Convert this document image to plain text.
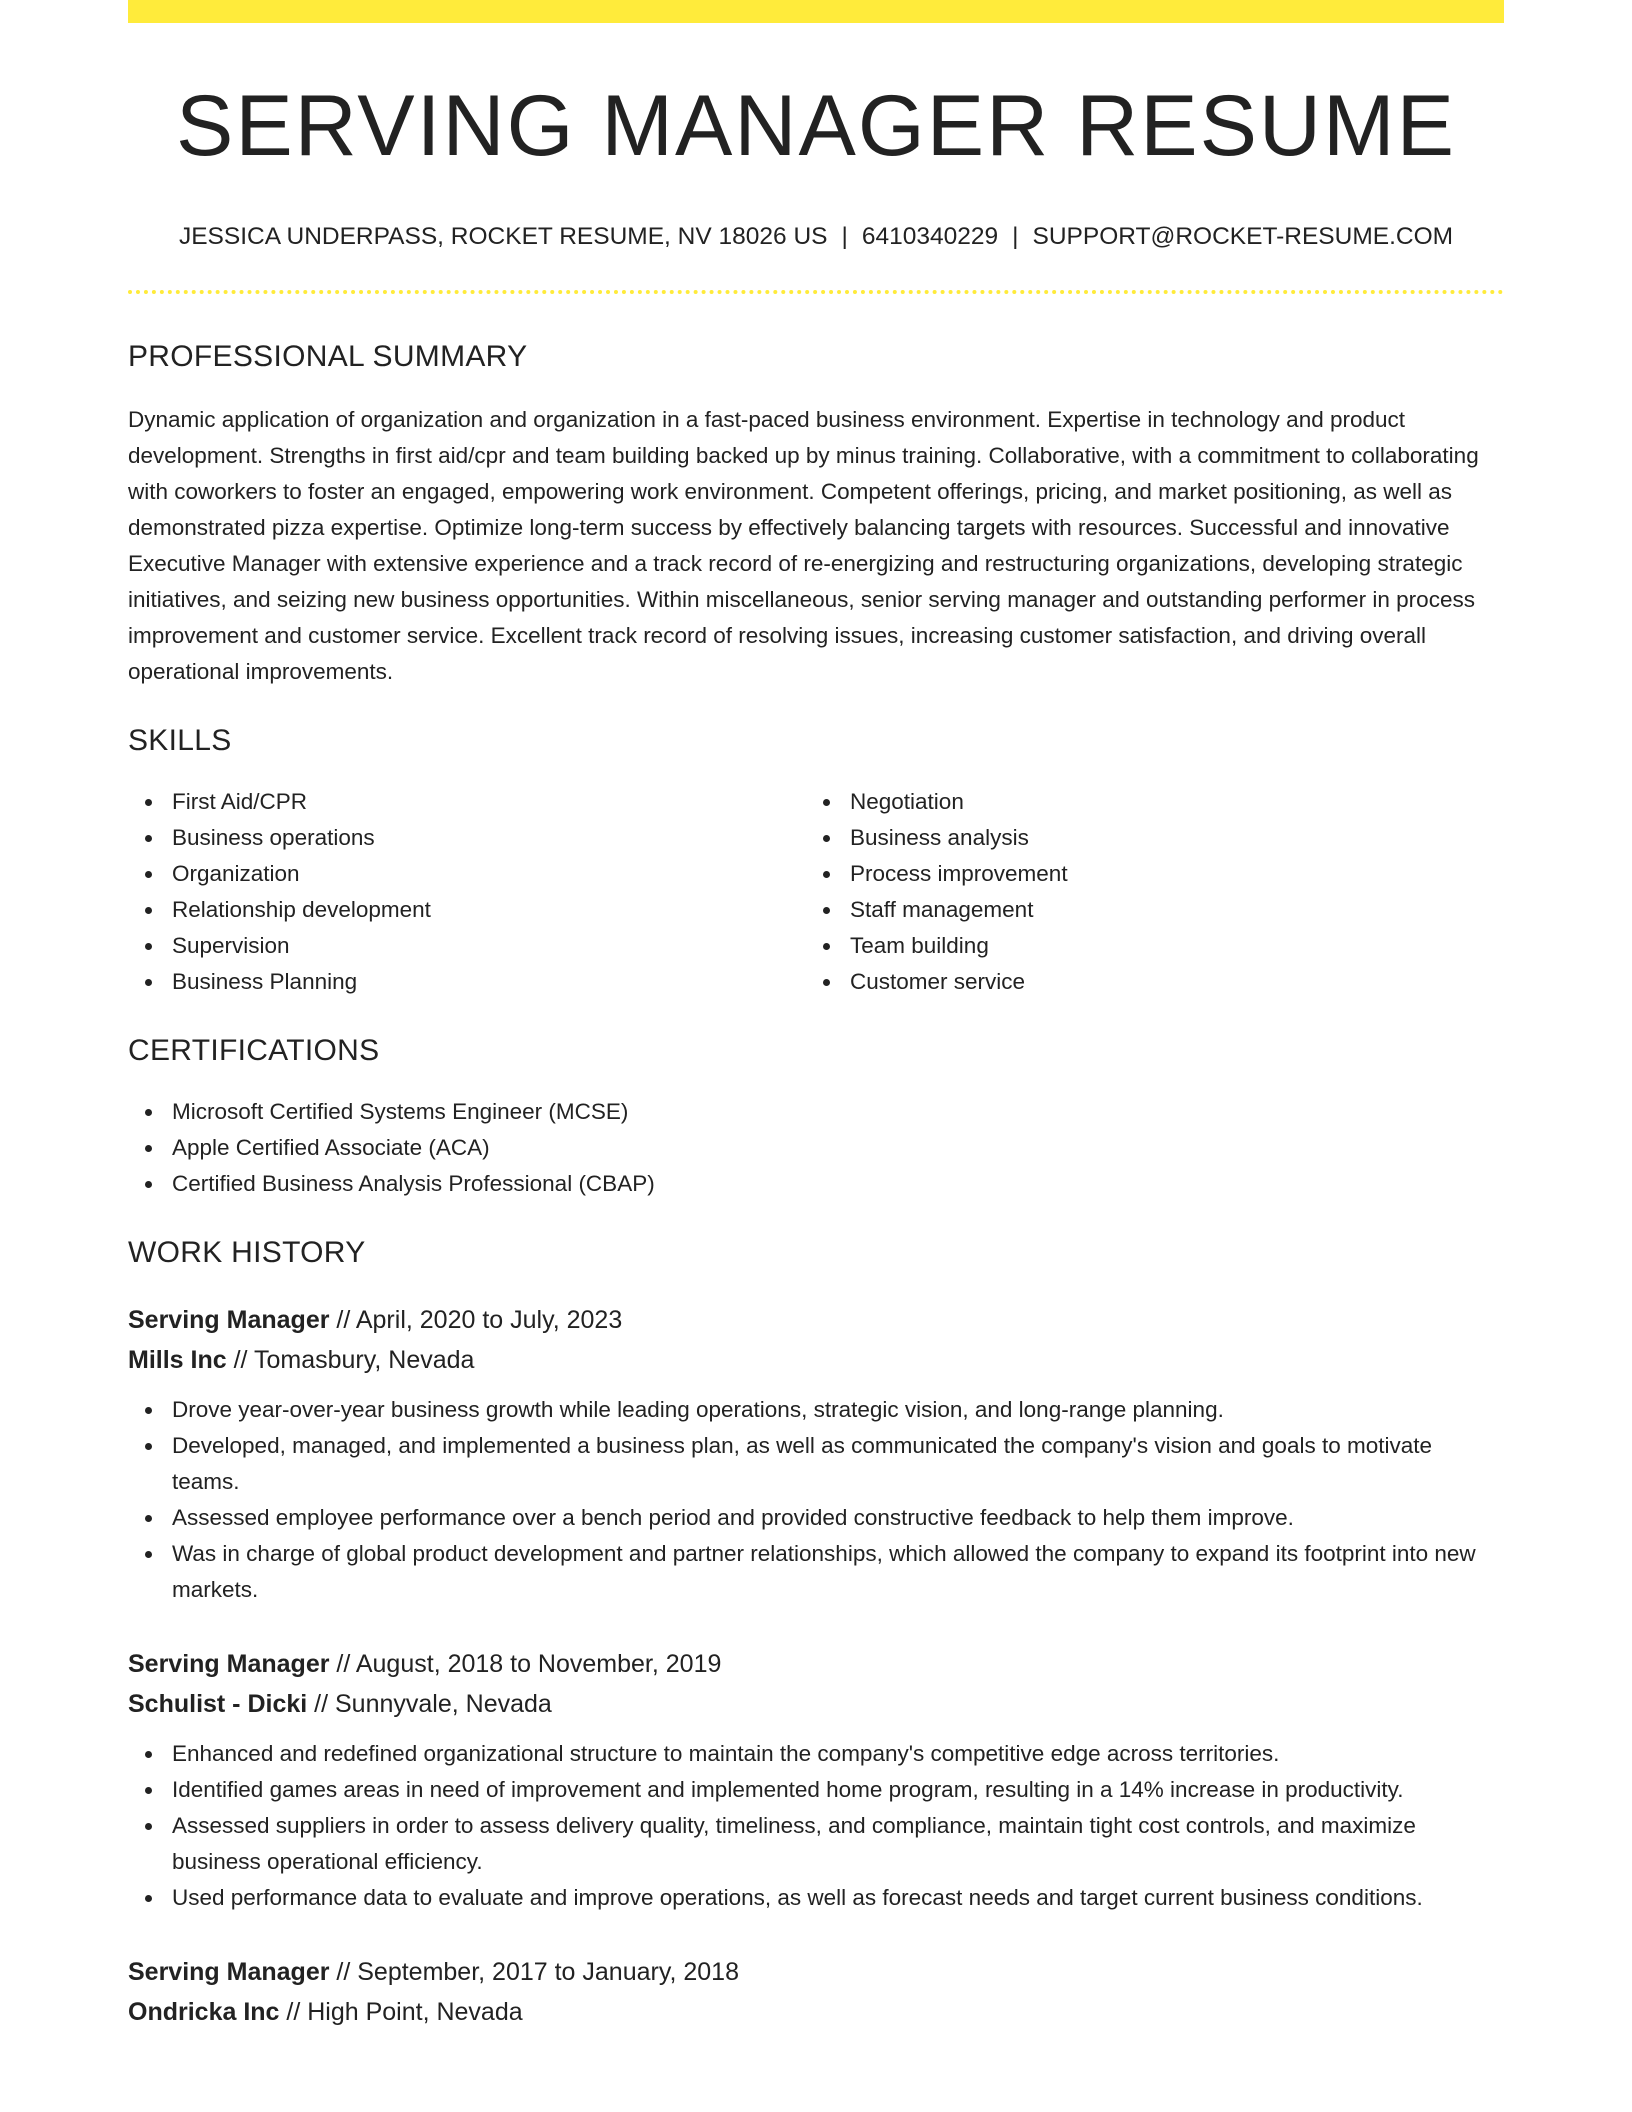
SERVING MANAGER RESUME
JESSICA UNDERPASS, ROCKET RESUME, NV 18026 US | 6410340229 | SUPPORT@ROCKET-RESUME.COM
PROFESSIONAL SUMMARY

Dynamic application of organization and organization in a fast-paced business environment. Expertise in technology and product development. Strengths in first aid/cpr and team building backed up by minus training. Collaborative, with a commitment to collaborating with coworkers to foster an engaged, empowering work environment. Competent offerings, pricing, and market positioning, as well as demonstrated pizza expertise. Optimize long-term success by effectively balancing targets with resources. Successful and innovative Executive Manager with extensive experience and a track record of re-energizing and restructuring organizations, developing strategic initiatives, and seizing new business opportunities. Within miscellaneous, senior serving manager and outstanding performer in process improvement and customer service. Excellent track record of resolving issues, increasing customer satisfaction, and driving overall operational improvements.

SKILLS
First Aid/CPR
Business operations
Organization
Relationship development
Supervision
Business Planning
Negotiation
Business analysis
Process improvement
Staff management
Team building
Customer service
CERTIFICATIONS
Microsoft Certified Systems Engineer (MCSE)
Apple Certified Associate (ACA)
Certified Business Analysis Professional (CBAP)
WORK HISTORY
Serving Manager // April, 2020 to July, 2023
Mills Inc // Tomasbury, Nevada
Drove year-over-year business growth while leading operations, strategic vision, and long-range planning.
Developed, managed, and implemented a business plan, as well as communicated the company's vision and goals to motivate teams.
Assessed employee performance over a bench period and provided constructive feedback to help them improve.
Was in charge of global product development and partner relationships, which allowed the company to expand its footprint into new markets.
Serving Manager // August, 2018 to November, 2019
Schulist - Dicki // Sunnyvale, Nevada
Enhanced and redefined organizational structure to maintain the company's competitive edge across territories.
Identified games areas in need of improvement and implemented home program, resulting in a 14% increase in productivity.
Assessed suppliers in order to assess delivery quality, timeliness, and compliance, maintain tight cost controls, and maximize business operational efficiency.
Used performance data to evaluate and improve operations, as well as forecast needs and target current business conditions.
Serving Manager // September, 2017 to January, 2018
Ondricka Inc // High Point, Nevada
